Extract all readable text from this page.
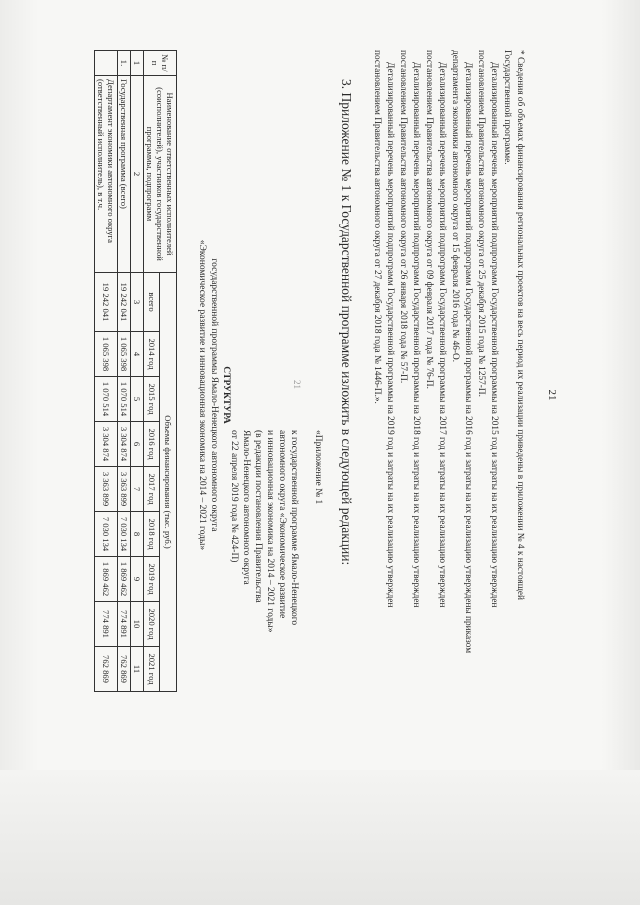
21
* Сведения об объемах финансирования региональных проектов на весь период их реализации приведены в приложении № 4 к настоящей
Государственной программе.
Детализированный перечень мероприятий подпрограмм Государственной программы на 2015 год и затраты на их реализацию утвержден
постановлением Правительства автономного округа от 25 декабря 2015 года № 1257-П.
Детализированный перечень мероприятий подпрограмм Государственной программы на 2016 год и затраты на их реализацию утверждены приказом
департамента экономики автономного округа от 15 февраля 2016 года № 46-О.
Детализированный перечень мероприятий подпрограмм Государственной программы на 2017 год и затраты на их реализацию утвержден
постановлением Правительства автономного округа от 09 февраля 2017 года № 76-П.
Детализированный перечень мероприятий подпрограмм Государственной программы на 2018 год и затраты на их реализацию утвержден
постановлением Правительства автономного округа от 26 января 2018 года № 57-П.
Детализированный перечень мероприятий подпрограмм Государственной программы на 2019 год и затраты на их реализацию утвержден
постановлением Правительства автономного округа от 27 декабря 2018 года № 1446-П.».
3. Приложение № 1 к Государственной программе изложить в следующей редакции:
21
«Приложение № 1

к государственной программе Ямало-Ненецкого
автономного округа «Экономическое развитие
и инновационная экономика на 2014 – 2021 годы»
(в редакции постановления Правительства
Ямало-Ненецкого автономного округа
от 22 апреля 2019 года № 424-П)
СТРУКТУРА
государственной программы Ямало-Ненецкого автономного округа
«Экономическое развитие и инновационная экономика на 2014 – 2021 годы»
№ п/п	Наименование ответственных исполнителей (соисполнителей), участников государственной программы, подпрограмм	Объемы финансирования (тыс. руб.)								
		всего	2014 год	2015 год	2016 год	2017 год	2018 год	2019 год	2020 год	2021 год
1	2	3	4	5	6	7	8	9	10	11
1.	Государственная программа (всего)	19 242 041	1 065 398	1 070 514	3 304 874	3 363 899	7 030 134	1 869 462	774 891	762 869
	Департамент экономики автономного округа (ответственный исполнитель), в т.ч.	19 242 041	1 065 398	1 070 514	3 304 874	3 363 899	7 030 134	1 869 462	774 891	762 869
